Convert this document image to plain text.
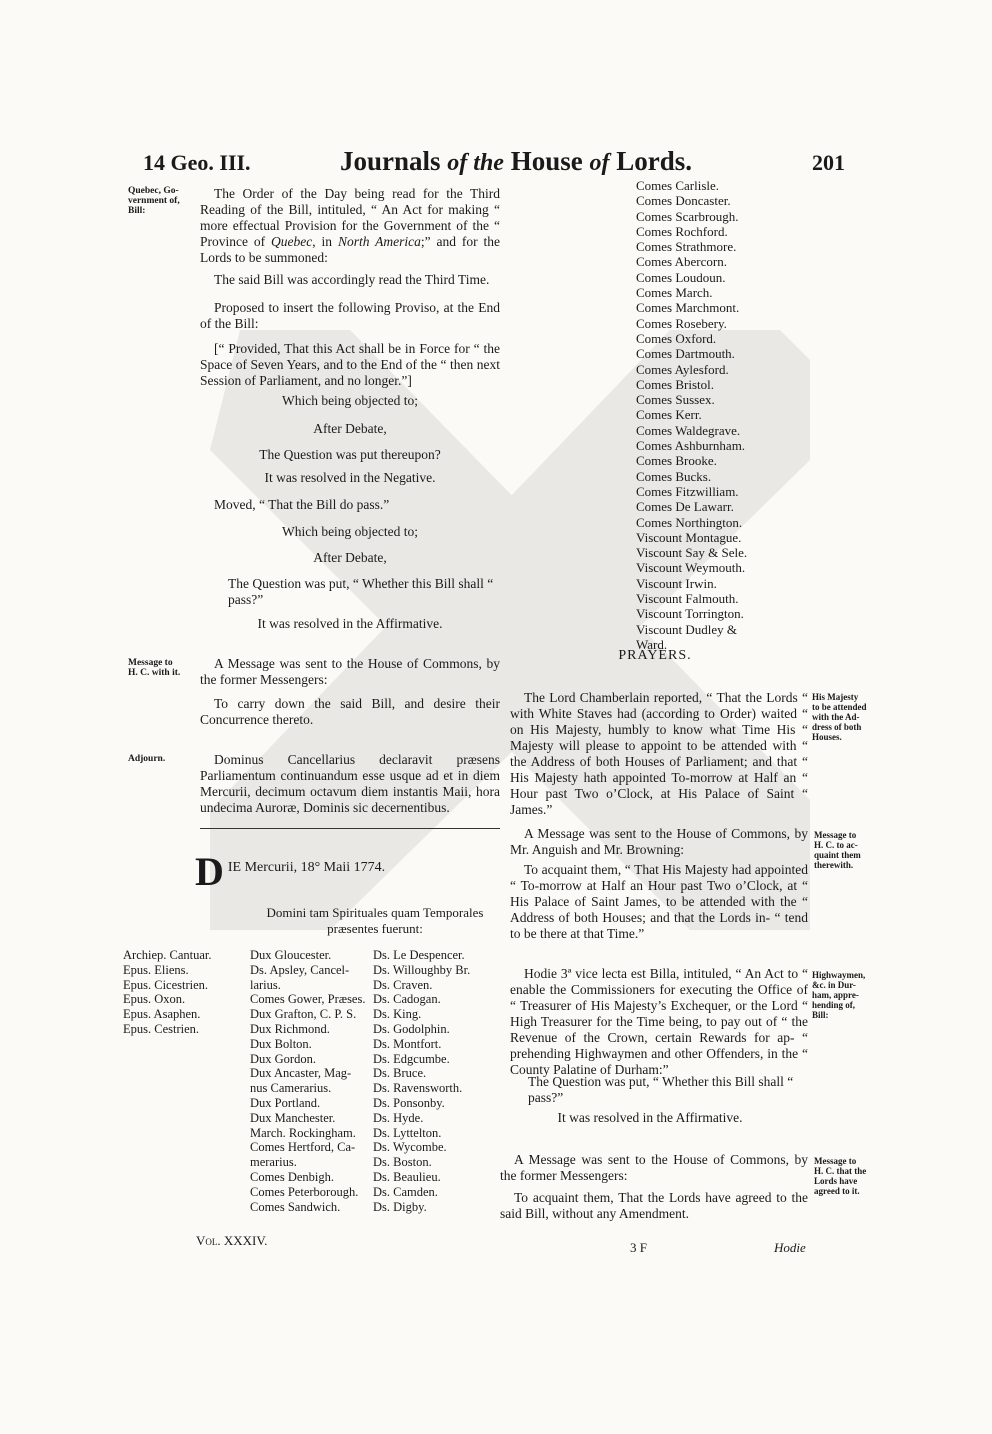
14 Geo. III.	Journals of the House of Lords.	201
Quebec, Go-
vernment of,
Bill:
Message to
H. C. with it.
Adjourn.
The Order of the Day being read for the Third Reading of the Bill, intituled, “ An Act for making “ more effectual Provision for the Government of the “ Province of Quebec, in North America;” and for the Lords to be summoned:
The said Bill was accordingly read the Third Time.
Proposed to insert the following Proviso, at the End of the Bill:
[“ Provided, That this Act shall be in Force for “ the Space of Seven Years, and to the End of the “ then next Session of Parliament, and no longer.”]
Which being objected to;
After Debate,
The Question was put thereupon?
It was resolved in the Negative.
Moved, “ That the Bill do pass.”
Which being objected to;
After Debate,
The Question was put, “ Whether this Bill shall “ pass?”
It was resolved in the Affirmative.
A Message was sent to the House of Commons, by the former Messengers:
To carry down the said Bill, and desire their Concurrence thereto.
Dominus Cancellarius declaravit præsens Parliamentum continuandum esse usque ad et in diem Mercurii, decimum octavum diem instantis Maii, hora undecima Auroræ, Dominis sic decernentibus.
D IE Mercurii, 18° Maii 1774.
Domini tam Spirituales quam Temporales præsentes fuerunt:
Archiep. Cantuar.
Epus. Eliens.
Epus. Cicestrien.
Epus. Oxon.
Epus. Asaphen.
Epus. Cestrien.
Dux Gloucester.
Ds. Apsley, Cancel-
larius.
Comes Gower, Præses.
Dux Grafton, C. P. S.
Dux Richmond.
Dux Bolton.
Dux Gordon.
Dux Ancaster, Mag-
nus Camerarius.
Dux Portland.
Dux Manchester.
March. Rockingham.
Comes Hertford, Ca-
merarius.
Comes Denbigh.
Comes Peterborough.
Comes Sandwich.
Ds. Le Despencer.
Ds. Willoughby Br.
Ds. Craven.
Ds. Cadogan.
Ds. King.
Ds. Godolphin.
Ds. Montfort.
Ds. Edgcumbe.
Ds. Bruce.
Ds. Ravensworth.
Ds. Ponsonby.
Ds. Hyde.
Ds. Lyttelton.
Ds. Wycombe.
Ds. Boston.
Ds. Beaulieu.
Ds. Camden.
Ds. Digby.
Comes Carlisle.
Comes Doncaster.
Comes Scarbrough.
Comes Rochford.
Comes Strathmore.
Comes Abercorn.
Comes Loudoun.
Comes March.
Comes Marchmont.
Comes Rosebery.
Comes Oxford.
Comes Dartmouth.
Comes Aylesford.
Comes Bristol.
Comes Sussex.
Comes Kerr.
Comes Waldegrave.
Comes Ashburnham.
Comes Brooke.
Comes Bucks.
Comes Fitzwilliam.
Comes De Lawarr.
Comes Northington.
Viscount Montague.
Viscount Say & Sele.
Viscount Weymouth.
Viscount Irwin.
Viscount Falmouth.
Viscount Torrington.
Viscount Dudley &
Ward.
PRAYERS.
The Lord Chamberlain reported, “ That the Lords “ with White Staves had (according to Order) waited “ on His Majesty, humbly to know what Time His “ Majesty will please to appoint to be attended with “ the Address of both Houses of Parliament; and that “ His Majesty hath appointed To-morrow at Half an “ Hour past Two o’Clock, at His Palace of Saint “ James.”
A Message was sent to the House of Commons, by Mr. Anguish and Mr. Browning:
To acquaint them, “ That His Majesty had appointed “ To-morrow at Half an Hour past Two o’Clock, at “ His Palace of Saint James, to be attended with the “ Address of both Houses; and that the Lords in- “ tend to be there at that Time.”
Hodie 3ª vice lecta est Billa, intituled, “ An Act to “ enable the Commissioners for executing the Office of “ Treasurer of His Majesty’s Exchequer, or the Lord “ High Treasurer for the Time being, to pay out of “ the Revenue of the Crown, certain Rewards for ap- “ prehending Highwaymen and other Offenders, in the “ County Palatine of Durham:”
The Question was put, “ Whether this Bill shall “ pass?”
It was resolved in the Affirmative.
A Message was sent to the House of Commons, by the former Messengers:
To acquaint them, That the Lords have agreed to the said Bill, without any Amendment.
His Majesty
to be attended
with the Ad-
dress of both
Houses.
Message to
H. C. to ac-
quaint them
therewith.
Highwaymen,
&c. in Dur-
ham, appre-
hending of,
Bill:
Message to
H. C. that the
Lords have
agreed to it.
Vol. XXXIV.	3 F	Hodie
